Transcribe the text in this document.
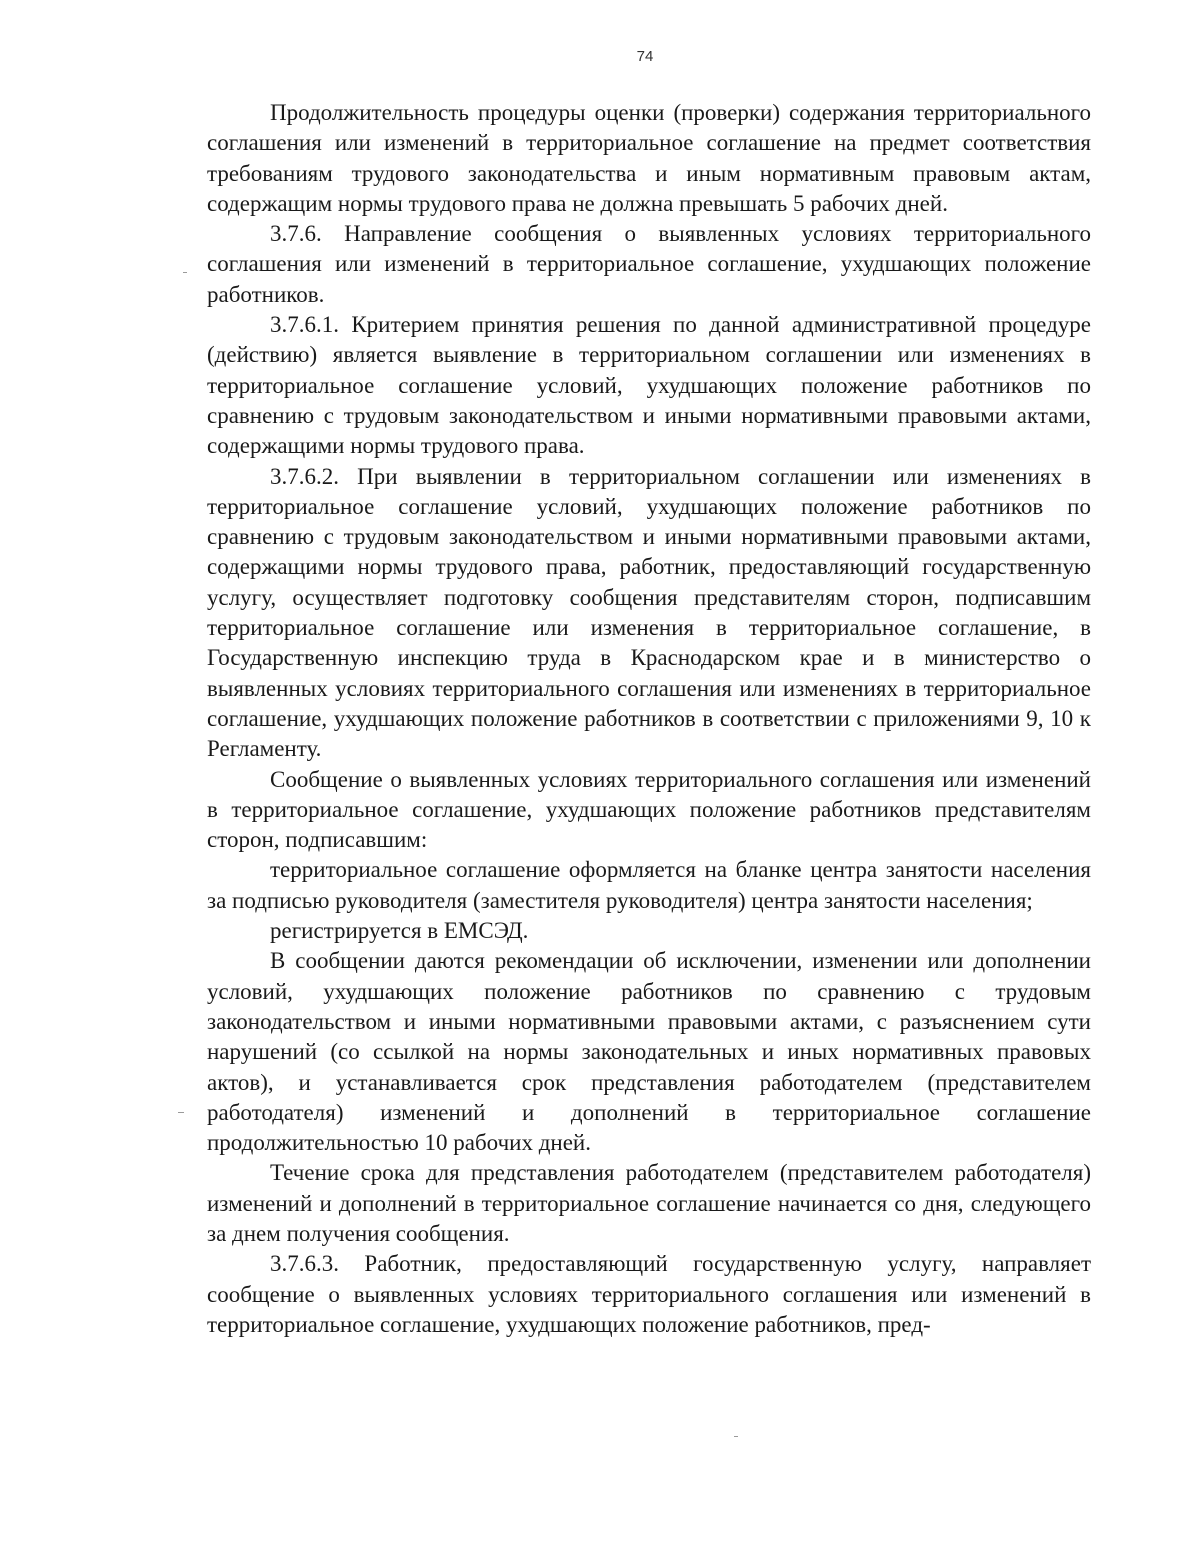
74

Продолжительность процедуры оценки (проверки) содержания территориального соглашения или изменений в территориальное соглашение на предмет соответствия требованиям трудового законодательства и иным нормативным правовым актам, содержащим нормы трудового права не должна превышать 5 рабочих дней.

3.7.6. Направление сообщения о выявленных условиях территориального соглашения или изменений в территориальное соглашение, ухудшающих положение работников.

3.7.6.1. Критерием принятия решения по данной административной процедуре (действию) является выявление в территориальном соглашении или изменениях в территориальное соглашение условий, ухудшающих положение работников по сравнению с трудовым законодательством и иными нормативными правовыми актами, содержащими нормы трудового права.

3.7.6.2. При выявлении в территориальном соглашении или изменениях в территориальное соглашение условий, ухудшающих положение работников по сравнению с трудовым законодательством и иными нормативными правовыми актами, содержащими нормы трудового права, работник, предоставляющий государственную услугу, осуществляет подготовку сообщения представителям сторон, подписавшим территориальное соглашение или изменения в территориальное соглашение, в Государственную инспекцию труда в Краснодарском крае и в министерство о выявленных условиях территориального соглашения или изменениях в территориальное соглашение, ухудшающих положение работников в соответствии с приложениями 9, 10 к Регламенту.

Сообщение о выявленных условиях территориального соглашения или изменений в территориальное соглашение, ухудшающих положение работников представителям сторон, подписавшим:

территориальное соглашение оформляется на бланке центра занятости населения за подписью руководителя (заместителя руководителя) центра занятости населения;

регистрируется в ЕМСЭД.

В сообщении даются рекомендации об исключении, изменении или дополнении условий, ухудшающих положение работников по сравнению с трудовым законодательством и иными нормативными правовыми актами, с разъяснением сути нарушений (со ссылкой на нормы законодательных и иных нормативных правовых актов), и устанавливается срок представления работодателем (представителем работодателя) изменений и дополнений в территориальное соглашение продолжительностью 10 рабочих дней.

Течение срока для представления работодателем (представителем работодателя) изменений и дополнений в территориальное соглашение начинается со дня, следующего за днем получения сообщения.

3.7.6.3. Работник, предоставляющий государственную услугу, направляет сообщение о выявленных условиях территориального соглашения или изменений в территориальное соглашение, ухудшающих положение работников, пред-
